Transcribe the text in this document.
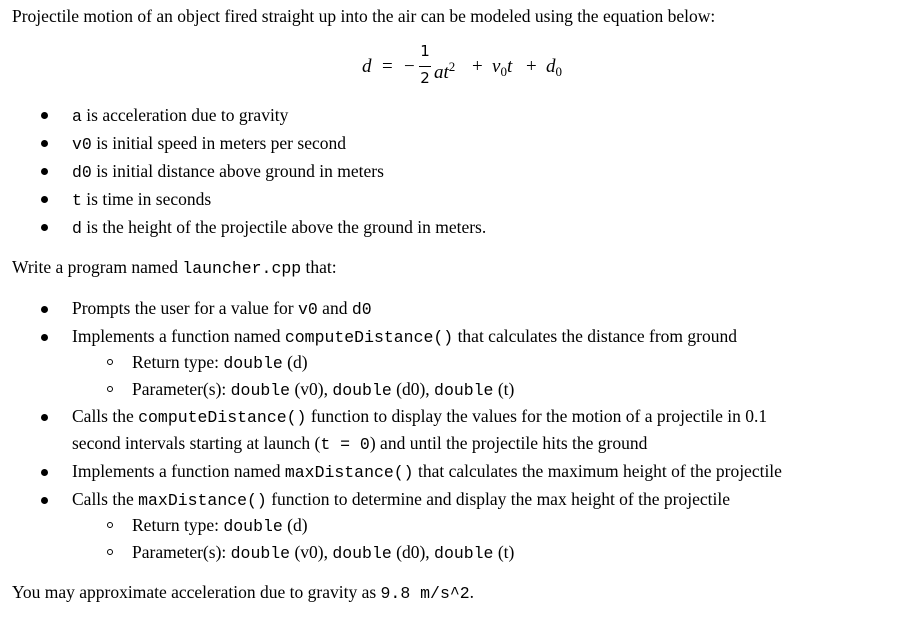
Projectile motion of an object fired straight up into the air can be modeled using the equation below:
d = −
1
2 $at^2 + v_0t + d_0$
a is acceleration due to gravity
v0 is initial speed in meters per second
d0 is initial distance above ground in meters
t is time in seconds
d is the height of the projectile above the ground in meters.
Write a program named launcher.cpp that:
Prompts the user for a value for v0 and d0
Implements a function named computeDistance() that calculates the distance from ground
Return type: double (d)
Parameter(s): double (v0), double (d0), double (t)
Calls the computeDistance() function to display the values for the motion of a projectile in 0.1
second intervals starting at launch (t = 0) and until the projectile hits the ground
Implements a function named maxDistance() that calculates the maximum height of the projectile
Calls the maxDistance() function to determine and display the max height of the projectile
Return type: double (d)
Parameter(s): double (v0), double (d0), double (t)
You may approximate acceleration due to gravity as 9.8 m/s^2.
